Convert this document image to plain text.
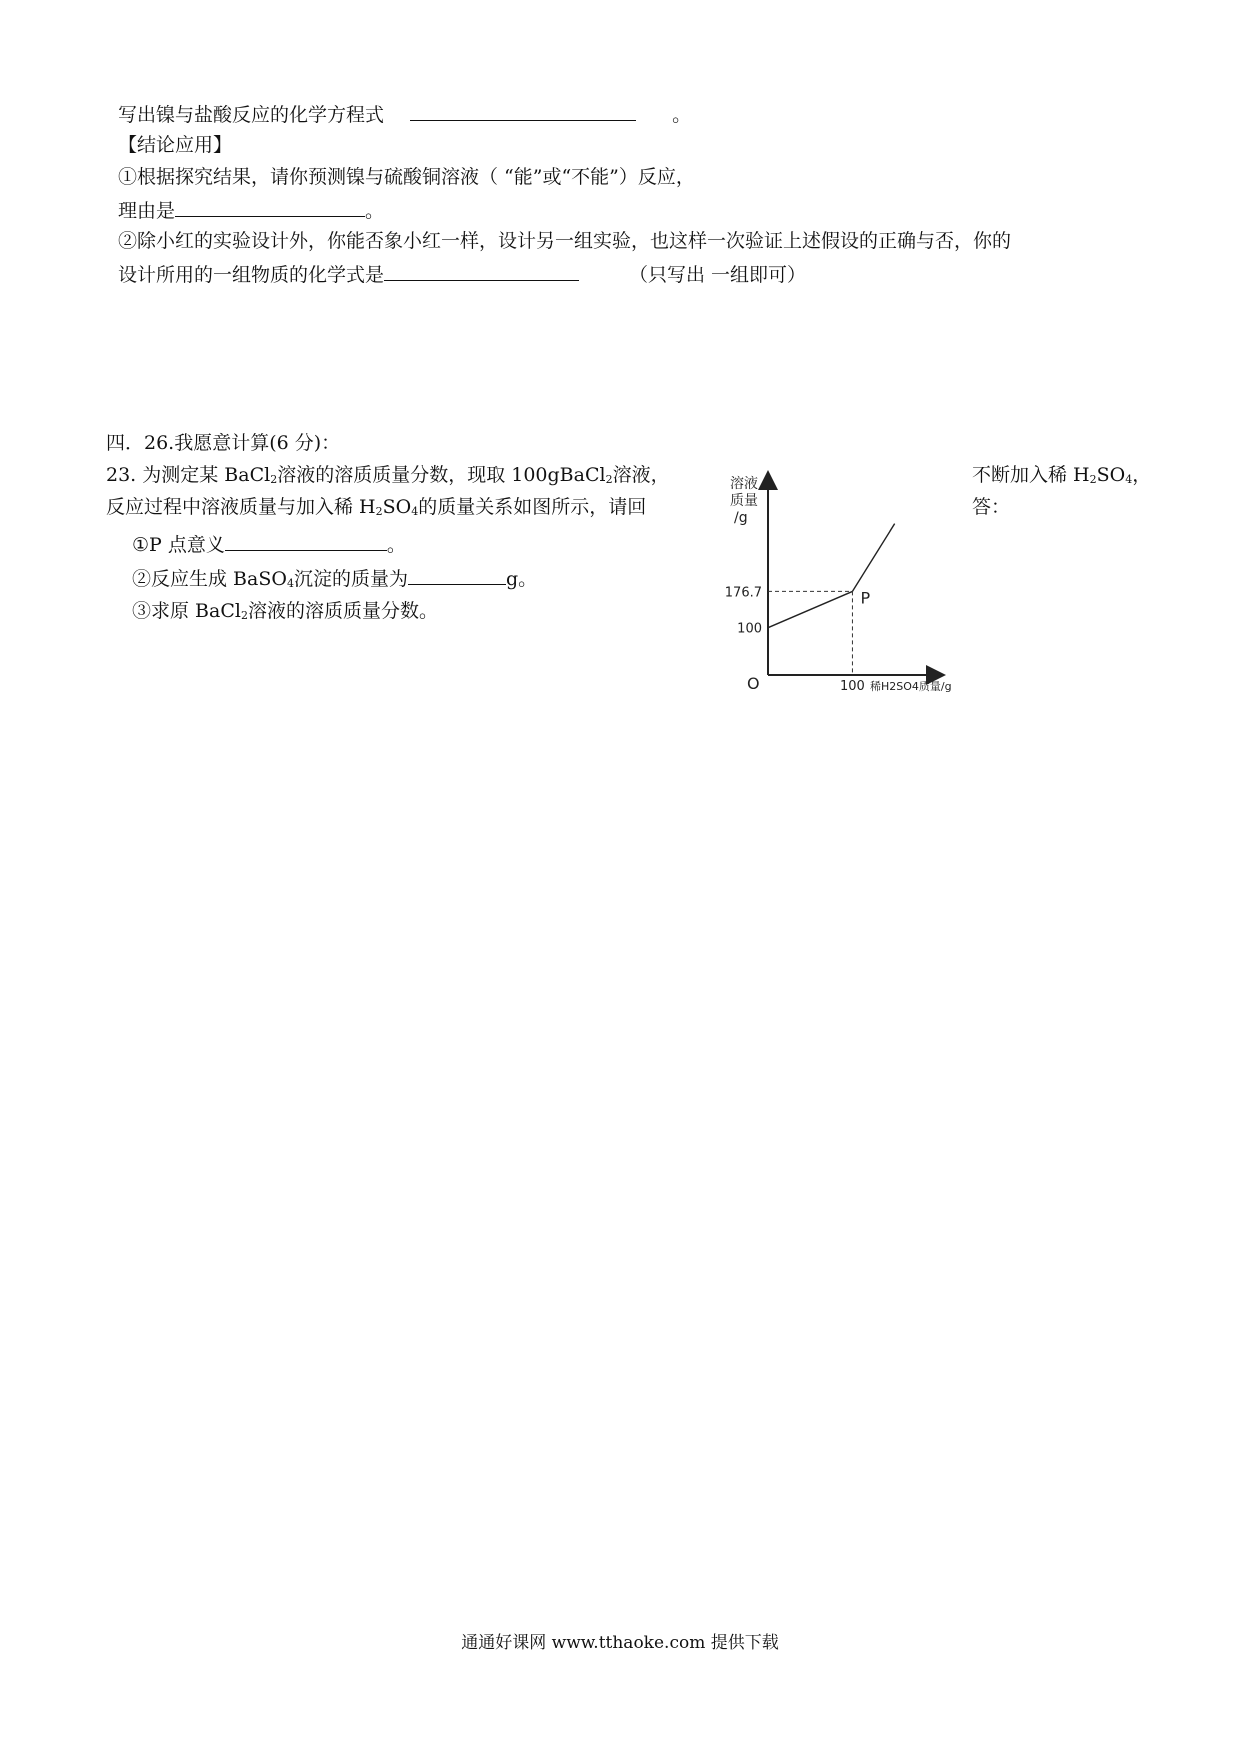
写出镍与盐酸反应的化学方程式	。
【结论应用】
①根据探究结果，请你预测镍与硫酸铜溶液（ “能”或“不能”）反应，
理由是	。
②除小红的实验设计外，你能否象小红一样，设计另一组实验，也这样一次验证上述假设的正确与否，你的
设计所用的一组物质的化学式是	（只写出 一组即可）
四．26.我愿意计算(6 分)：
23. 为测定某 BaCl$_2$溶液的溶质质量分数，现取 100gBaCl$_2$溶液，	不断加入稀 $H_2SO_4$，
反应过程中溶液质量与加入稀 $H_2SO_4$的质量关系如图所示，请回	答：
①P 点意义	。
②反应生成 BaSO$_4$沉淀的质量为	g。
③求原 BaCl$_2$溶液的溶质质量分数。
溶液
质量
/g
O	稀H2SO4质量/g
P
176.7
100
100
通通好课网 www.tthaoke.com 提供下载
